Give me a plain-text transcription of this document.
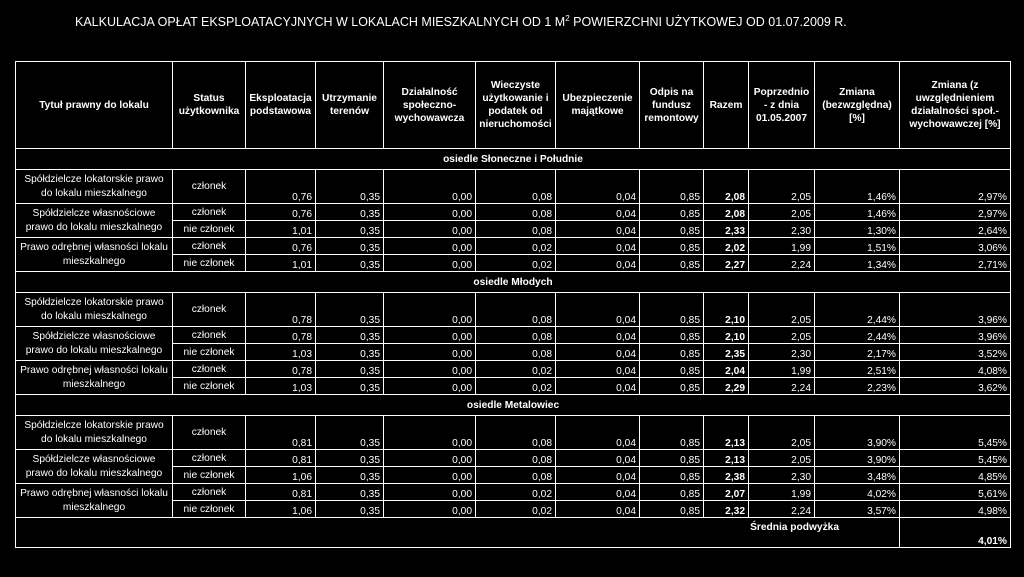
KALKULACJA OPŁAT EKSPLOATACYJNYCH W LOKALACH MIESZKALNYCH OD 1 $M^2$ POWIERZCHNI UŻYTKOWEJ OD 01.07.2009 R.
Tytuł prawny do lokalu	Status użytkownika	Eksploatacja podstawowa	Utrzymanie terenów	Działalność społeczno-wychowawcza	Wieczyste użytkowanie i podatek od nieruchomości	Ubezpieczenie majątkowe	Odpis na fundusz remontowy	Razem	Poprzednio - z dnia 01.05.2007	Zmiana (bezwzględna) [%]	Zmiana (z uwzględnieniem działalności społ.-wychowawczej [%]
osiedle Słoneczne i Południe											
Spółdzielcze lokatorskie prawo do lokalu mieszkalnego	członek	0,76	0,35	0,00	0,08	0,04	0,85	2,08	2,05	1,46%	2,97%
Spółdzielcze własnościowe prawo do lokalu mieszkalnego	członek	0,76	0,35	0,00	0,08	0,04	0,85	2,08	2,05	1,46%	2,97%
	nie członek	1,01	0,35	0,00	0,08	0,04	0,85	2,33	2,30	1,30%	2,64%
Prawo odrębnej własności lokalu mieszkalnego	członek	0,76	0,35	0,00	0,02	0,04	0,85	2,02	1,99	1,51%	3,06%
	nie członek	1,01	0,35	0,00	0,02	0,04	0,85	2,27	2,24	1,34%	2,71%
osiedle Młodych											
Spółdzielcze lokatorskie prawo do lokalu mieszkalnego	członek	0,78	0,35	0,00	0,08	0,04	0,85	2,10	2,05	2,44%	3,96%
Spółdzielcze własnościowe prawo do lokalu mieszkalnego	członek	0,78	0,35	0,00	0,08	0,04	0,85	2,10	2,05	2,44%	3,96%
	nie członek	1,03	0,35	0,00	0,08	0,04	0,85	2,35	2,30	2,17%	3,52%
Prawo odrębnej własności lokalu mieszkalnego	członek	0,78	0,35	0,00	0,02	0,04	0,85	2,04	1,99	2,51%	4,08%
	nie członek	1,03	0,35	0,00	0,02	0,04	0,85	2,29	2,24	2,23%	3,62%
osiedle Metalowiec											
Spółdzielcze lokatorskie prawo do lokalu mieszkalnego	członek	0,81	0,35	0,00	0,08	0,04	0,85	2,13	2,05	3,90%	5,45%
Spółdzielcze własnościowe prawo do lokalu mieszkalnego	członek	0,81	0,35	0,00	0,08	0,04	0,85	2,13	2,05	3,90%	5,45%
	nie członek	1,06	0,35	0,00	0,08	0,04	0,85	2,38	2,30	3,48%	4,85%
Prawo odrębnej własności lokalu mieszkalnego	członek	0,81	0,35	0,00	0,02	0,04	0,85	2,07	1,99	4,02%	5,61%
	nie członek	1,06	0,35	0,00	0,02	0,04	0,85	2,32	2,24	3,57%	4,98%
Średnia podwyżka											4,01%
